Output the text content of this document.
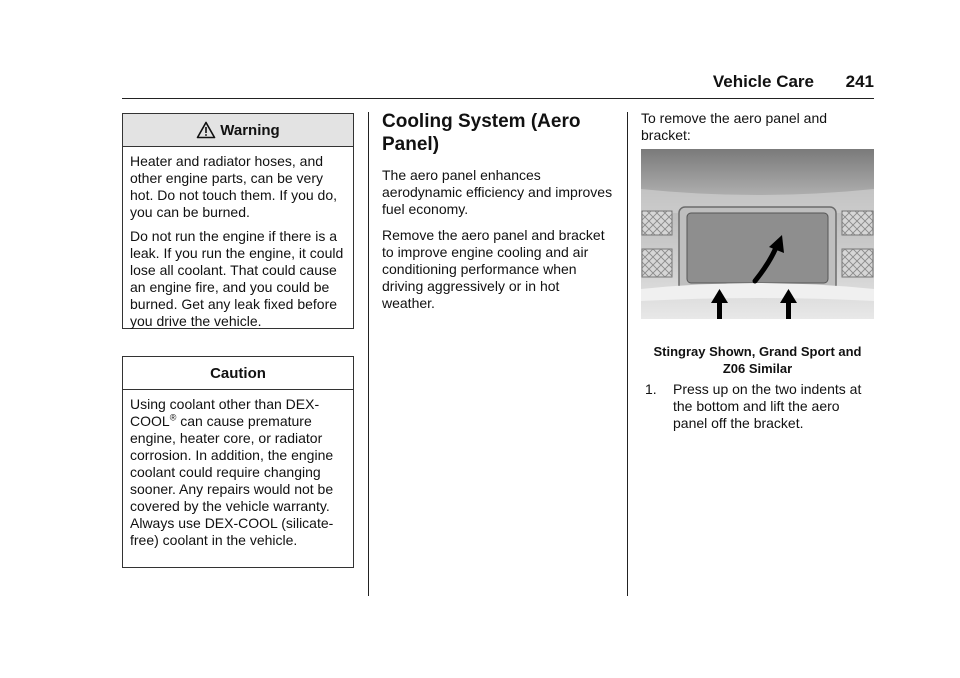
Vehicle Care 241
Warning

Heater and radiator hoses, and other engine parts, can be very hot. Do not touch them. If you do, you can be burned.

Do not run the engine if there is a leak. If you run the engine, it could lose all coolant. That could cause an engine fire, and you could be burned. Get any leak fixed before you drive the vehicle.

Caution

Using coolant other than DEX-COOL® can cause premature engine, heater core, or radiator corrosion. In addition, the engine coolant could require changing sooner. Any repairs would not be covered by the vehicle warranty. Always use DEX-COOL (silicate-free) coolant in the vehicle.

Cooling System (Aero Panel)

The aero panel enhances aerodynamic efficiency and improves fuel economy.

Remove the aero panel and bracket to improve engine cooling and air conditioning performance when driving aggressively or in hot weather.

To remove the aero panel and bracket:

Stingray Shown, Grand Sport and Z06 Similar
1. Press up on the two indents at the bottom and lift the aero panel off the bracket.
